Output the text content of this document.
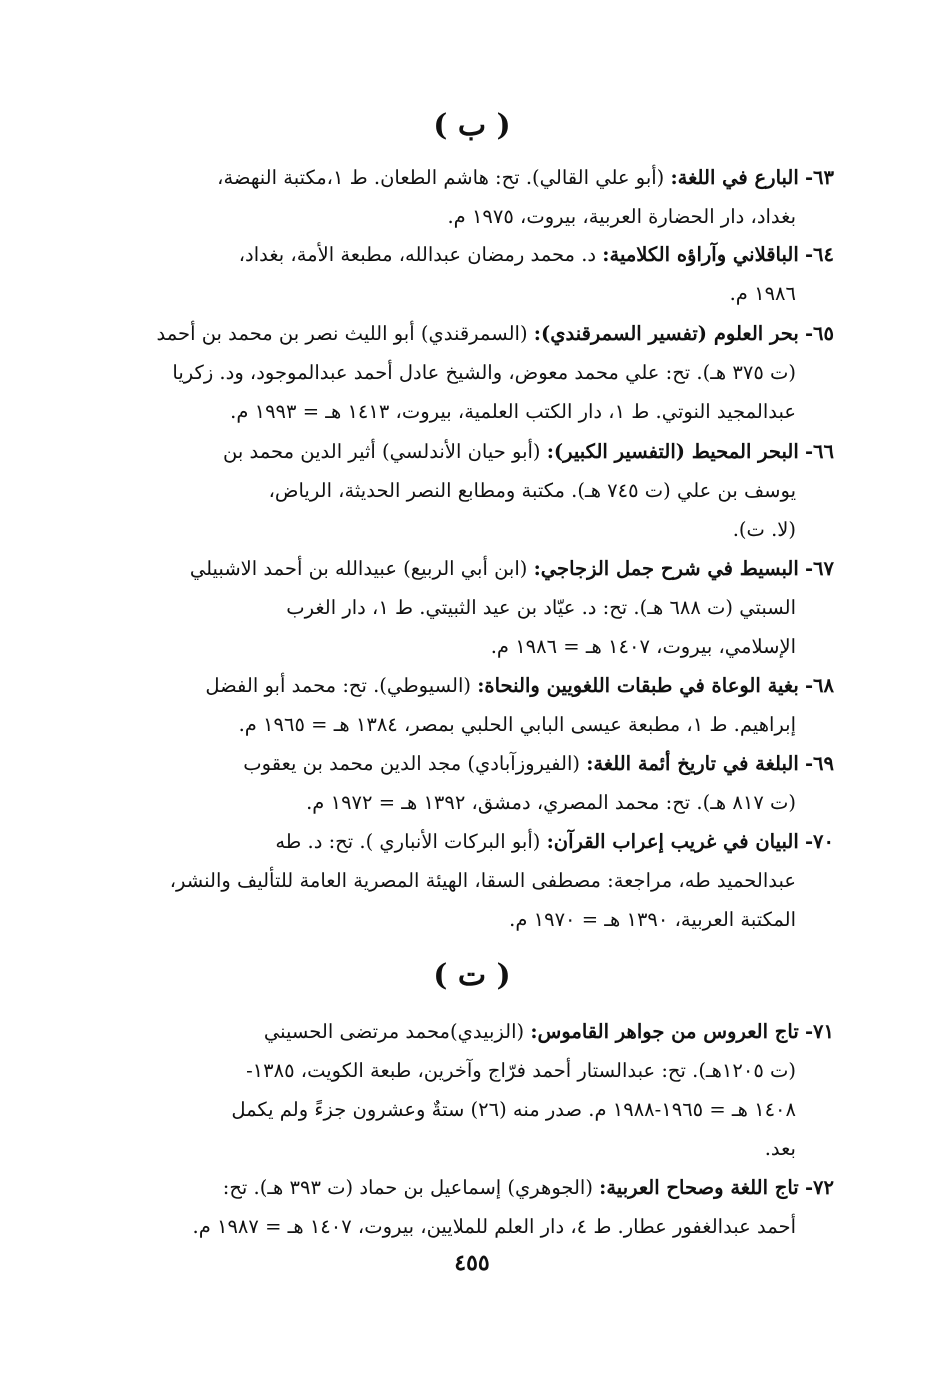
( ب )
٦٣- البارع في اللغة: (أبو علي القالي). تح: هاشم الطعان. ط ١،مكتبة النهضة،
بغداد، دار الحضارة العربية، بيروت، ١٩٧٥ م.
٦٤- الباقلاني وآراؤه الكلامية: د. محمد رمضان عبدالله، مطبعة الأمة، بغداد،
١٩٨٦ م.
٦٥- بحر العلوم (تفسير السمرقندي): (السمرقندي) أبو الليث نصر بن محمد بن أحمد
(ت ٣٧٥ هـ). تح: علي محمد معوض، والشيخ عادل أحمد عبدالموجود، ود. زكريا
عبدالمجيد النوتي. ط ١، دار الكتب العلمية، بيروت، ١٤١٣ هـ = ١٩٩٣ م.
٦٦- البحر المحيط (التفسير الكبير): (أبو حيان الأندلسي) أثير الدين محمد بن
يوسف بن علي (ت ٧٤٥ هـ). مكتبة ومطابع النصر الحديثة، الرياض،
(لا. ت).
٦٧- البسيط في شرح جمل الزجاجي: (ابن أبي الربيع) عبيدالله بن أحمد الاشبيلي
السبتي (ت ٦٨٨ هـ). تح: د. عيّاد بن عيد الثبيتي. ط ١، دار الغرب
الإسلامي، بيروت، ١٤٠٧ هـ = ١٩٨٦ م.
٦٨- بغية الوعاة في طبقات اللغويين والنحاة: (السيوطي). تح: محمد أبو الفضل
إبراهيم. ط ١، مطبعة عيسى البابي الحلبي بمصر، ١٣٨٤ هـ = ١٩٦٥ م.
٦٩- البلغة في تاريخ أئمة اللغة: (الفيروزآبادي) مجد الدين محمد بن يعقوب
(ت ٨١٧ هـ). تح: محمد المصري، دمشق، ١٣٩٢ هـ = ١٩٧٢ م.
٧٠- البيان في غريب إعراب القرآن: (أبو البركات الأنباري ). تح: د. طه
عبدالحميد طه، مراجعة: مصطفى السقا، الهيئة المصرية العامة للتأليف والنشر،
المكتبة العربية، ١٣٩٠ هـ = ١٩٧٠ م.
( ت )
٧١- تاج العروس من جواهر القاموس: (الزبيدي)محمد مرتضى الحسيني
(ت ١٢٠٥هـ). تح: عبدالستار أحمد فرّاج وآخرين، طبعة الكويت، ١٣٨٥-
١٤٠٨ هـ = ١٩٦٥-١٩٨٨ م. صدر منه (٢٦) ستةٌ وعشرون جزءً ولم يكمل
بعد.
٧٢- تاج اللغة وصحاح العربية: (الجوهري) إسماعيل بن حماد (ت ٣٩٣ هـ). تح:
أحمد عبدالغفور عطار. ط ٤، دار العلم للملايين، بيروت، ١٤٠٧ هـ = ١٩٨٧ م.
٤٥٥
